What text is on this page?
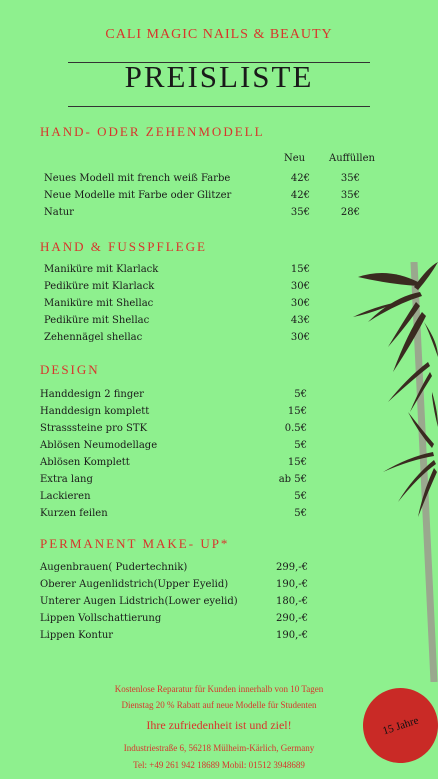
CALI MAGIC NAILS & BEAUTY
PREISLISTE
HAND- ODER ZEHENMODELL
Neu Auffüllen
Neues Modell mit french weiß Farbe	42€	35€
Neue Modelle mit Farbe oder Glitzer	42€	35€
Natur	35€	28€
HAND & FUSSPFLEGE
Maniküre mit Klarlack	15€
Pediküre mit Klarlack	30€
Maniküre mit Shellac	30€
Pediküre mit Shellac	43€
Zehennägel shellac	30€
DESIGN
Handdesign 2 finger	5€
Handdesign komplett	15€
Strasssteine pro STK	0.5€
Ablösen Neumodellage	5€
Ablösen Komplett	15€
Extra lang	ab 5€
Lackieren	5€
Kurzen feilen	5€
PERMANENT MAKE- UP*
Augenbrauen( Pudertechnik)	299,-€
Oberer Augenlidstrich(Upper Eyelid)	190,-€
Unterer Augen Lidstrich(Lower eyelid)	180,-€
Lippen Vollschattierung	290,-€
Lippen Kontur	190,-€
Kostenlose Reparatur für Kunden innerhalb von 10 Tagen
Dienstag 20 % Rabatt auf neue Modelle für Studenten
Ihre zufriedenheit ist und ziel!
Industriestraße 6, 56218 Mülheim-Kärlich, Germany
Tel: +49 261 942 18689 Mobil: 01512 3948689
15 Jahre
